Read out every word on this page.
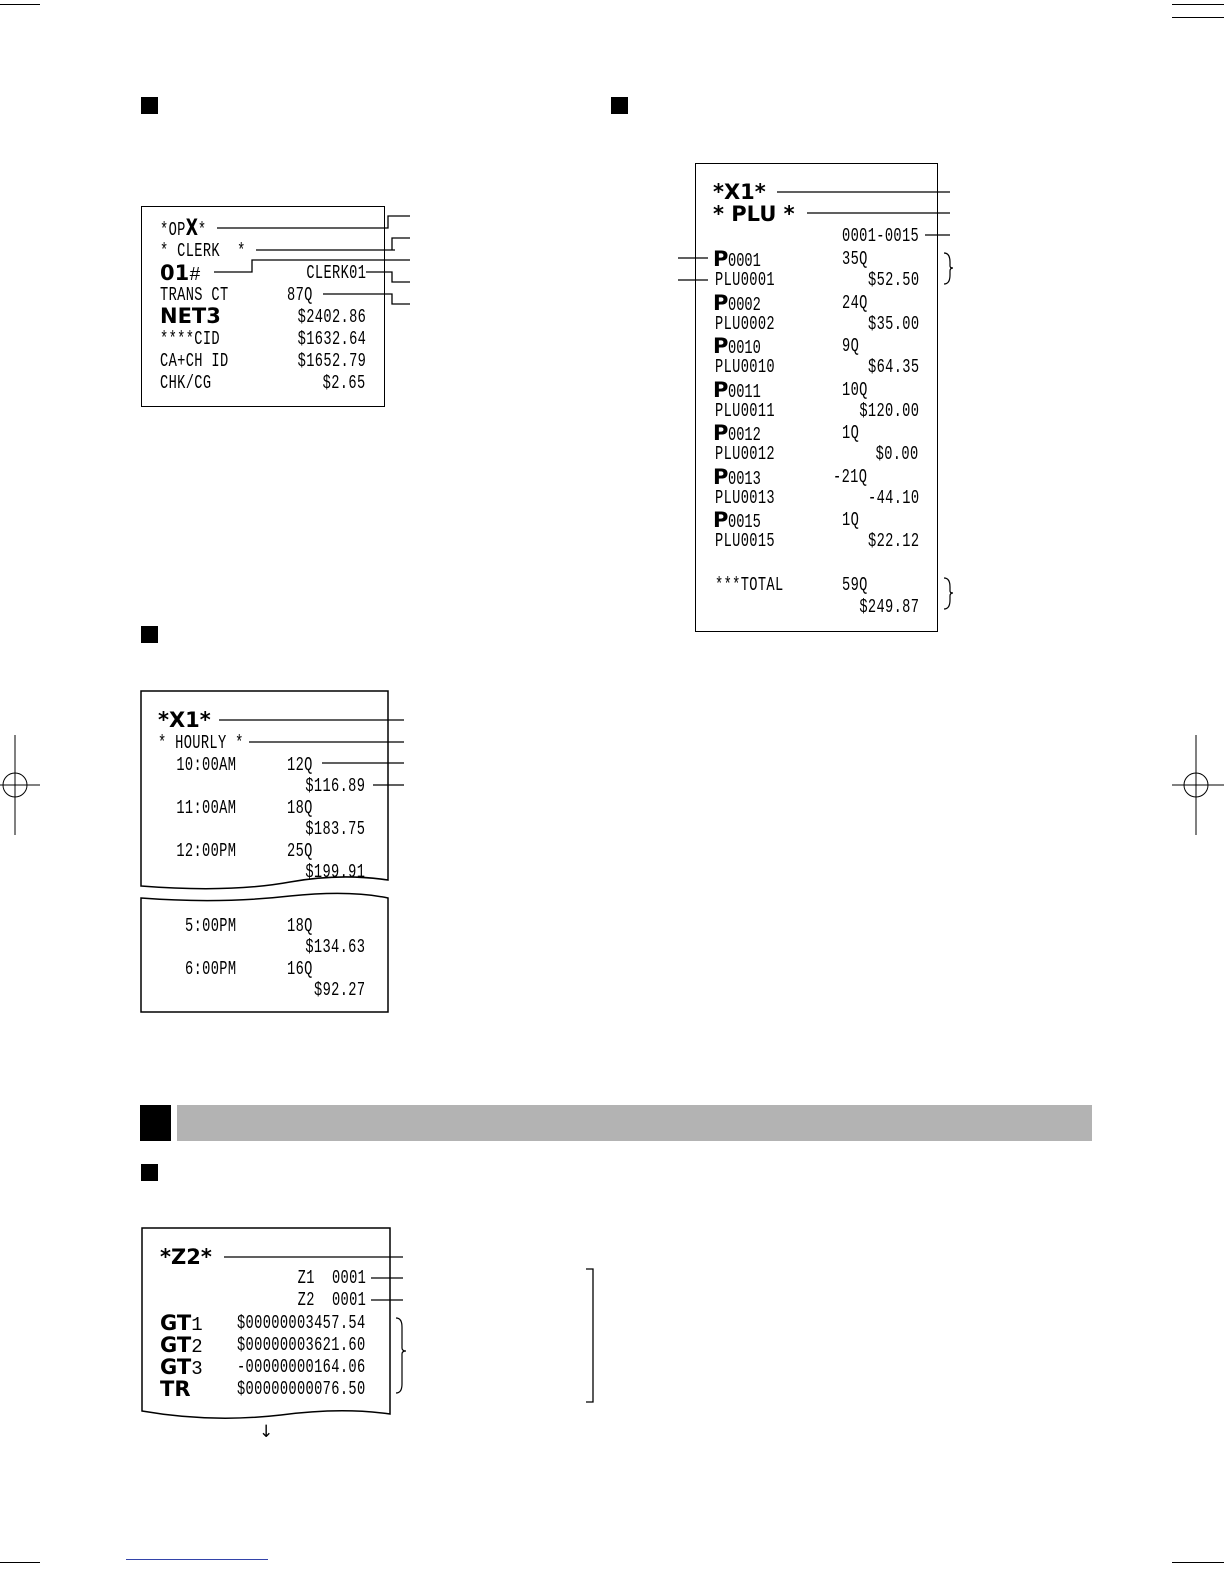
*OPX*
* CLERK  *
01#	CLERK01
TRANS CT	87Q
NET3	$2402.86
****CID	$1632.64
CA+CH ID	$1652.79
CHK/CG	$2.65
*X1*
* PLU *
0001-0015
P0001	35Q
PLU0001	$52.50
P0002	24Q
PLU0002	$35.00
P0010	9Q
PLU0010	$64.35
P0011	10Q
PLU0011	$120.00
P0012	1Q
PLU0012	$0.00
P0013	-21Q
PLU0013	-44.10
P0015	1Q
PLU0015	$22.12
***TOTAL	59Q
$249.87
*X1*
* HOURLY *
10:00AM	12Q
$116.89
11:00AM	18Q
$183.75
12:00PM	25Q
$199.91
5:00PM	18Q
$134.63
6:00PM	16Q
$92.27
*Z2*
Z1  0001
Z2  0001
GT1 $00000003457.54
GT2 $00000003621.60
GT3 -00000000164.06
TR $00000000076.50
↓
